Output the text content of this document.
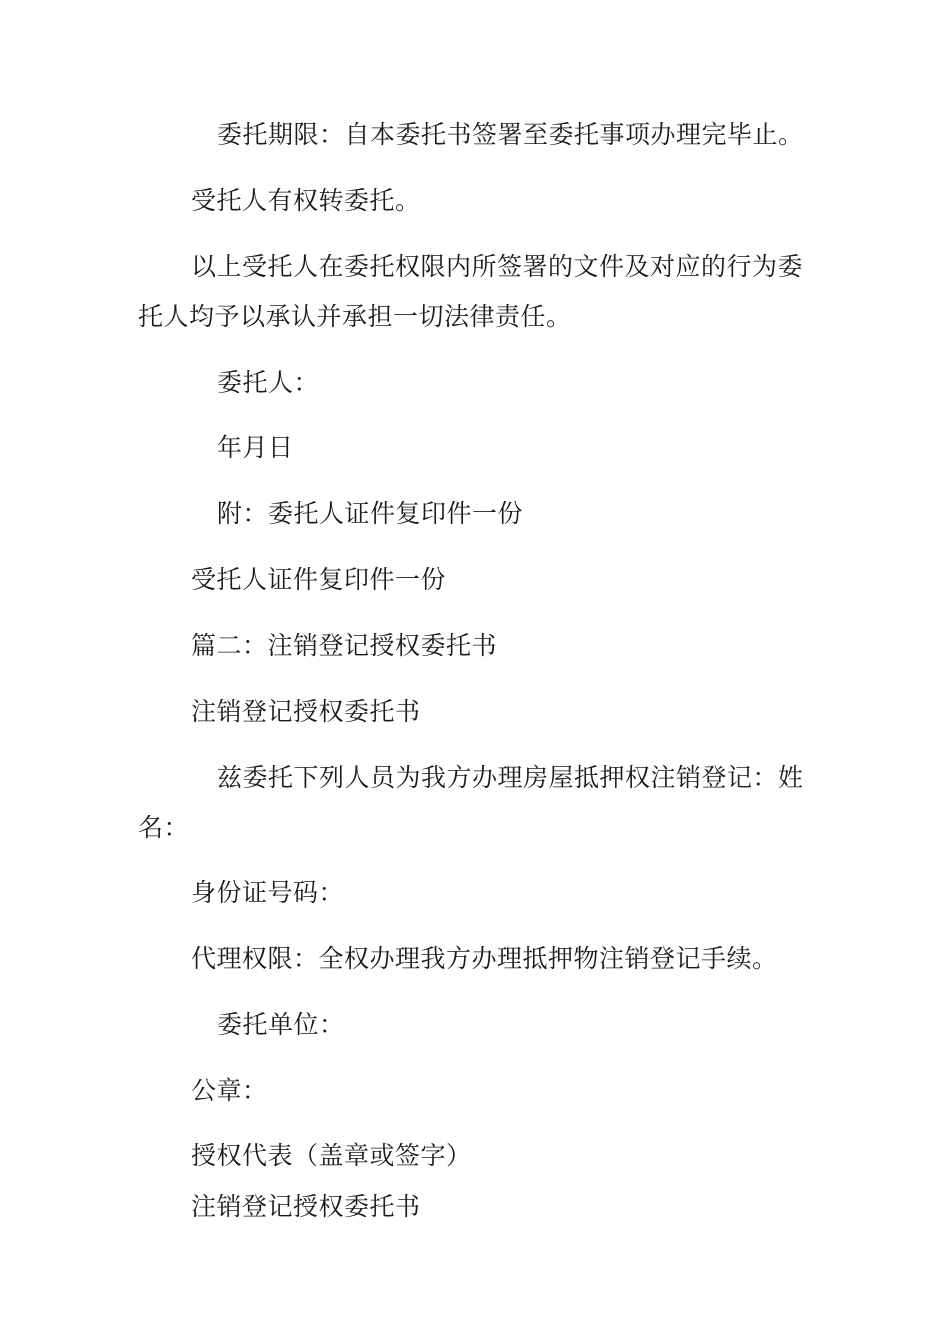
委托期限：自本委托书签署至委托事项办理完毕止。
受托人有权转委托。
以上受托人在委托权限内所签署的文件及对应的行为委
托人均予以承认并承担一切法律责任。
委托人：
年月日
附：委托人证件复印件一份
受托人证件复印件一份
篇二：注销登记授权委托书
注销登记授权委托书
兹委托下列人员为我方办理房屋抵押权注销登记：姓
名：
身份证号码：
代理权限：全权办理我方办理抵押物注销登记手续。
委托单位：
公章：
授权代表（盖章或签字）
注销登记授权委托书
